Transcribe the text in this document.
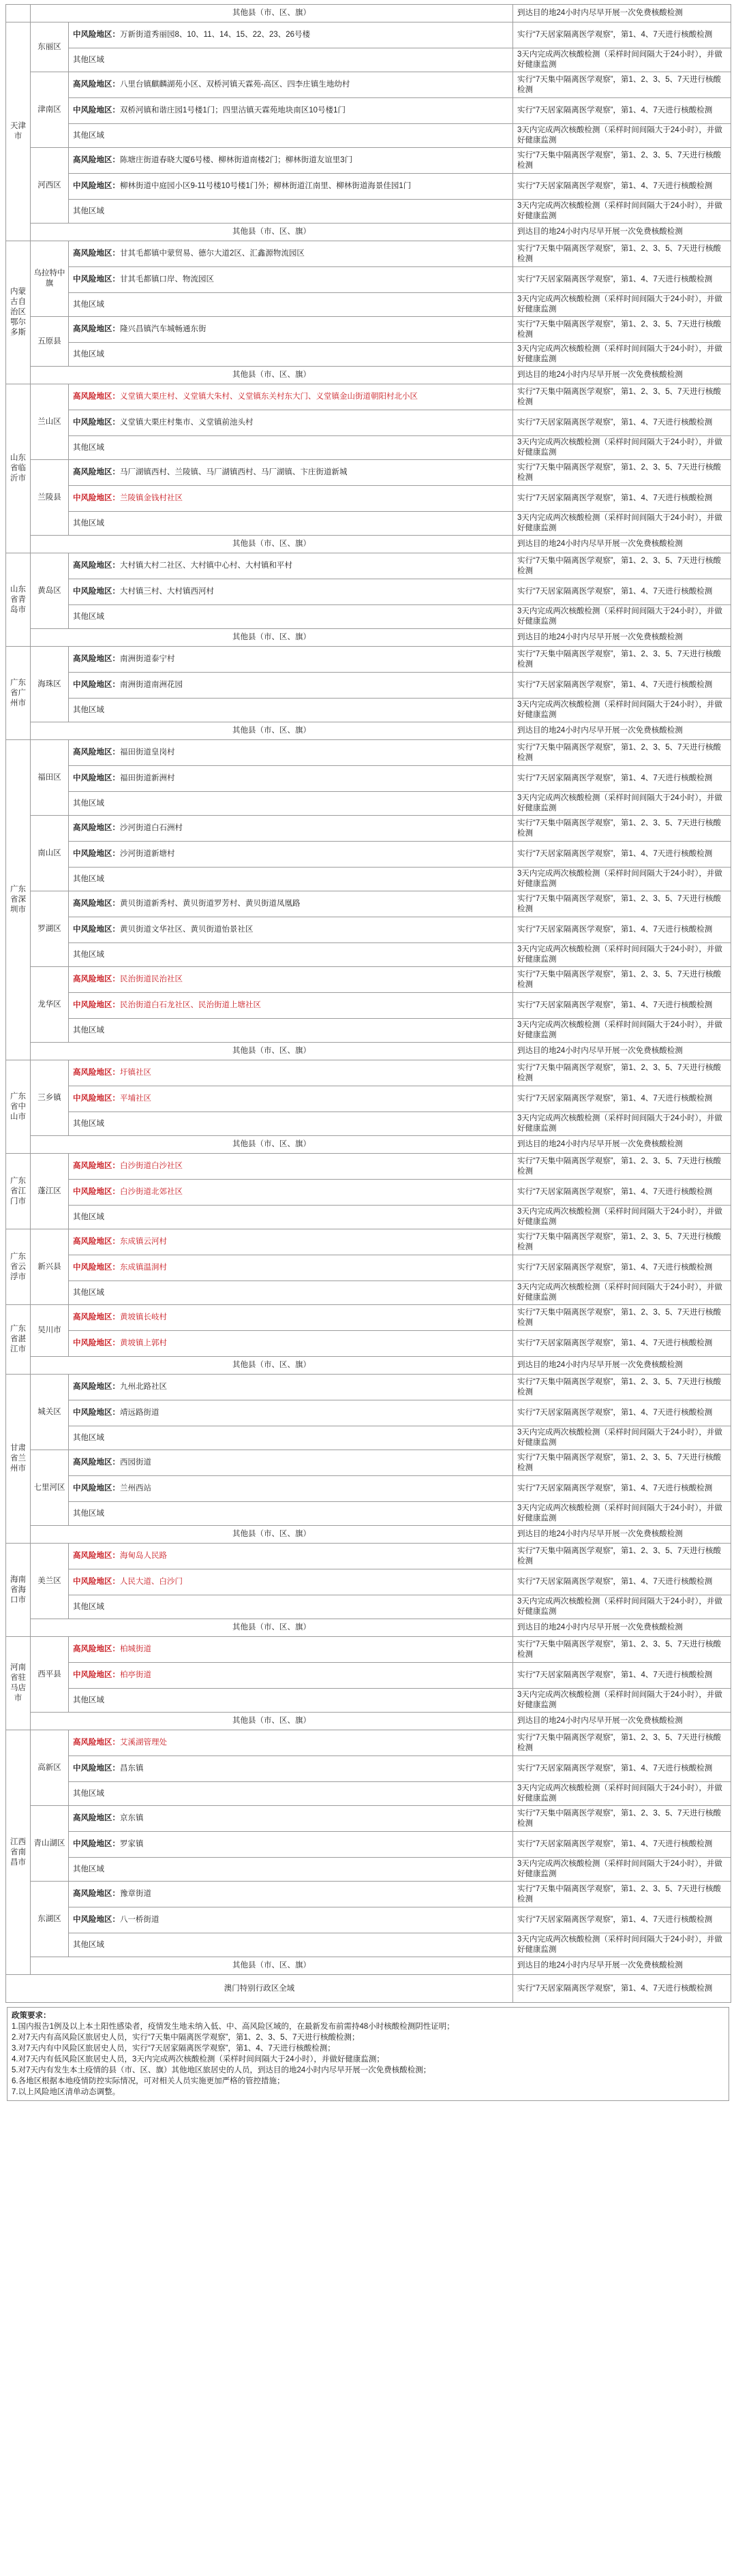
	其他县（市、区、旗）		到达目的地24小时内尽早开展一次免费核酸检测
天津市	东丽区	中风险地区：万新街道秀丽园8、10、11、14、15、22、23、26号楼	实行“7天居家隔离医学观察”，第1、4、7天进行核酸检测
		其他区域	3天内完成两次核酸检测（采样时间间隔大于24小时），并做好健康监测
	津南区	高风险地区：八里台镇麒麟湖苑小区、双桥河镇天霖苑-高区、四李庄镇生地幼村	实行“7天集中隔离医学观察”，第1、2、3、5、7天进行核酸检测
		中风险地区：双桥河镇和谐庄园1号楼1门；四里沽镇天霖苑地块南区10号楼1门	实行“7天居家隔离医学观察”，第1、4、7天进行核酸检测
		其他区域	3天内完成两次核酸检测（采样时间间隔大于24小时），并做好健康监测
	河西区	高风险地区：陈塘庄街道春晓大厦6号楼、柳林街道南楼2门；柳林街道友谊里3门	实行“7天集中隔离医学观察”，第1、2、3、5、7天进行核酸检测
		中风险地区：柳林街道中庭园小区9-11号楼10号楼1门外；柳林街道江南里、柳林街道海景佳园1门	实行“7天居家隔离医学观察”，第1、4、7天进行核酸检测
		其他区域	3天内完成两次核酸检测（采样时间间隔大于24小时），并做好健康监测
	其他县（市、区、旗）		到达目的地24小时内尽早开展一次免费核酸检测
内蒙古自治区鄂尔多斯	乌拉特中旗	高风险地区：甘其毛都镇中蒙贸易、德尔大道2区、汇鑫源物流园区	实行“7天集中隔离医学观察”，第1、2、3、5、7天进行核酸检测
		中风险地区：甘其毛都镇口岸、物流园区	实行“7天居家隔离医学观察”，第1、4、7天进行核酸检测
		其他区域	3天内完成两次核酸检测（采样时间间隔大于24小时），并做好健康监测
	五原县	高风险地区：隆兴昌镇汽车城畅通东街	实行“7天集中隔离医学观察”，第1、2、3、5、7天进行核酸检测
		其他区域	3天内完成两次核酸检测（采样时间间隔大于24小时），并做好健康监测
	其他县（市、区、旗）		到达目的地24小时内尽早开展一次免费核酸检测
山东省临沂市	兰山区	高风险地区：义堂镇大栗庄村、义堂镇大朱村、义堂镇东关村东大门、义堂镇金山街道朝阳村北小区	实行“7天集中隔离医学观察”，第1、2、3、5、7天进行核酸检测
		中风险地区：义堂镇大栗庄村集市、义堂镇前池头村	实行“7天居家隔离医学观察”，第1、4、7天进行核酸检测
		其他区域	3天内完成两次核酸检测（采样时间间隔大于24小时），并做好健康监测
	兰陵县	高风险地区：马厂湖镇西村、兰陵镇、马厂湖镇西村、马厂湖镇、卞庄街道新城	实行“7天集中隔离医学观察”，第1、2、3、5、7天进行核酸检测
		中风险地区：兰陵镇金钱村社区	实行“7天居家隔离医学观察”，第1、4、7天进行核酸检测
		其他区域	3天内完成两次核酸检测（采样时间间隔大于24小时），并做好健康监测
	其他县（市、区、旗）		到达目的地24小时内尽早开展一次免费核酸检测
山东省青岛市	黄岛区	高风险地区：大村镇大村二社区、大村镇中心村、大村镇和平村	实行“7天集中隔离医学观察”，第1、2、3、5、7天进行核酸检测
		中风险地区：大村镇三村、大村镇西河村	实行“7天居家隔离医学观察”，第1、4、7天进行核酸检测
		其他区域	3天内完成两次核酸检测（采样时间间隔大于24小时），并做好健康监测
	其他县（市、区、旗）		到达目的地24小时内尽早开展一次免费核酸检测
广东省广州市	海珠区	高风险地区：南洲街道泰宁村	实行“7天集中隔离医学观察”，第1、2、3、5、7天进行核酸检测
		中风险地区：南洲街道南洲花园	实行“7天居家隔离医学观察”，第1、4、7天进行核酸检测
		其他区域	3天内完成两次核酸检测（采样时间间隔大于24小时），并做好健康监测
	其他县（市、区、旗）		到达目的地24小时内尽早开展一次免费核酸检测
广东省深圳市	福田区	高风险地区：福田街道皇岗村	实行“7天集中隔离医学观察”，第1、2、3、5、7天进行核酸检测
		中风险地区：福田街道新洲村	实行“7天居家隔离医学观察”，第1、4、7天进行核酸检测
		其他区域	3天内完成两次核酸检测（采样时间间隔大于24小时），并做好健康监测
	南山区	高风险地区：沙河街道白石洲村	实行“7天集中隔离医学观察”，第1、2、3、5、7天进行核酸检测
		中风险地区：沙河街道新塘村	实行“7天居家隔离医学观察”，第1、4、7天进行核酸检测
		其他区域	3天内完成两次核酸检测（采样时间间隔大于24小时），并做好健康监测
	罗湖区	高风险地区：黄贝街道新秀村、黄贝街道罗芳村、黄贝街道凤凰路	实行“7天集中隔离医学观察”，第1、2、3、5、7天进行核酸检测
		中风险地区：黄贝街道文华社区、黄贝街道怡景社区	实行“7天居家隔离医学观察”，第1、4、7天进行核酸检测
		其他区域	3天内完成两次核酸检测（采样时间间隔大于24小时），并做好健康监测
	龙华区	高风险地区：民治街道民治社区	实行“7天集中隔离医学观察”，第1、2、3、5、7天进行核酸检测
		中风险地区：民治街道白石龙社区、民治街道上塘社区	实行“7天居家隔离医学观察”，第1、4、7天进行核酸检测
		其他区域	3天内完成两次核酸检测（采样时间间隔大于24小时），并做好健康监测
	其他县（市、区、旗）		到达目的地24小时内尽早开展一次免费核酸检测
广东省中山市	三乡镇	高风险地区：圩镇社区	实行“7天集中隔离医学观察”，第1、2、3、5、7天进行核酸检测
		中风险地区：平埔社区	实行“7天居家隔离医学观察”，第1、4、7天进行核酸检测
		其他区域	3天内完成两次核酸检测（采样时间间隔大于24小时），并做好健康监测
	其他县（市、区、旗）		到达目的地24小时内尽早开展一次免费核酸检测
广东省江门市	蓬江区	高风险地区：白沙街道白沙社区	实行“7天集中隔离医学观察”，第1、2、3、5、7天进行核酸检测
		中风险地区：白沙街道北郊社区	实行“7天居家隔离医学观察”，第1、4、7天进行核酸检测
		其他区域	3天内完成两次核酸检测（采样时间间隔大于24小时），并做好健康监测
广东省云浮市	新兴县	高风险地区：东成镇云河村	实行“7天集中隔离医学观察”，第1、2、3、5、7天进行核酸检测
		中风险地区：东成镇温洞村	实行“7天居家隔离医学观察”，第1、4、7天进行核酸检测
		其他区域	3天内完成两次核酸检测（采样时间间隔大于24小时），并做好健康监测
广东省湛江市	吴川市	高风险地区：黄坡镇长岐村	实行“7天集中隔离医学观察”，第1、2、3、5、7天进行核酸检测
		中风险地区：黄坡镇上郭村	实行“7天居家隔离医学观察”，第1、4、7天进行核酸检测
	其他县（市、区、旗）		到达目的地24小时内尽早开展一次免费核酸检测
甘肃省兰州市	城关区	高风险地区：九州北路社区	实行“7天集中隔离医学观察”，第1、2、3、5、7天进行核酸检测
		中风险地区：靖远路街道	实行“7天居家隔离医学观察”，第1、4、7天进行核酸检测
		其他区域	3天内完成两次核酸检测（采样时间间隔大于24小时），并做好健康监测
	七里河区	高风险地区：西园街道	实行“7天集中隔离医学观察”，第1、2、3、5、7天进行核酸检测
		中风险地区：兰州西站	实行“7天居家隔离医学观察”，第1、4、7天进行核酸检测
		其他区域	3天内完成两次核酸检测（采样时间间隔大于24小时），并做好健康监测
	其他县（市、区、旗）		到达目的地24小时内尽早开展一次免费核酸检测
海南省海口市	美兰区	高风险地区：海甸岛人民路	实行“7天集中隔离医学观察”，第1、2、3、5、7天进行核酸检测
		中风险地区：人民大道、白沙门	实行“7天居家隔离医学观察”，第1、4、7天进行核酸检测
		其他区域	3天内完成两次核酸检测（采样时间间隔大于24小时），并做好健康监测
	其他县（市、区、旗）		到达目的地24小时内尽早开展一次免费核酸检测
河南省驻马店市	西平县	高风险地区：柏城街道	实行“7天集中隔离医学观察”，第1、2、3、5、7天进行核酸检测
		中风险地区：柏亭街道	实行“7天居家隔离医学观察”，第1、4、7天进行核酸检测
		其他区域	3天内完成两次核酸检测（采样时间间隔大于24小时），并做好健康监测
	其他县（市、区、旗）		到达目的地24小时内尽早开展一次免费核酸检测
江西省南昌市	高新区	高风险地区：艾溪湖管理处	实行“7天集中隔离医学观察”，第1、2、3、5、7天进行核酸检测
		中风险地区：昌东镇	实行“7天居家隔离医学观察”，第1、4、7天进行核酸检测
		其他区域	3天内完成两次核酸检测（采样时间间隔大于24小时），并做好健康监测
	青山湖区	高风险地区：京东镇	实行“7天集中隔离医学观察”，第1、2、3、5、7天进行核酸检测
		中风险地区：罗家镇	实行“7天居家隔离医学观察”，第1、4、7天进行核酸检测
		其他区域	3天内完成两次核酸检测（采样时间间隔大于24小时），并做好健康监测
	东湖区	高风险地区：豫章街道	实行“7天集中隔离医学观察”，第1、2、3、5、7天进行核酸检测
		中风险地区：八一桥街道	实行“7天居家隔离医学观察”，第1、4、7天进行核酸检测
		其他区域	3天内完成两次核酸检测（采样时间间隔大于24小时），并做好健康监测
	其他县（市、区、旗）		到达目的地24小时内尽早开展一次免费核酸检测
澳门特别行政区全域	实行“7天居家隔离医学观察”，第1、4、7天进行核酸检测

政策要求：

1.国内报告1例及以上本土阳性感染者，疫情发生地未纳入低、中、高风险区域的，在最新发布前需持48小时核酸检测阴性证明；

2.对7天内有高风险区旅居史人员，实行“7天集中隔离医学观察”，第1、2、3、5、7天进行核酸检测；

3.对7天内有中风险区旅居史人员，实行“7天居家隔离医学观察”，第1、4、7天进行核酸检测；

4.对7天内有低风险区旅居史人员，3天内完成两次核酸检测（采样时间间隔大于24小时），并做好健康监测；

5.对7天内有发生本土疫情的县（市、区、旗）其他地区旅居史的人员，到达目的地24小时内尽早开展一次免费核酸检测；

6.各地区根据本地疫情防控实际情况，可对相关人员实施更加严格的管控措施；

7.以上风险地区清单动态调整。
